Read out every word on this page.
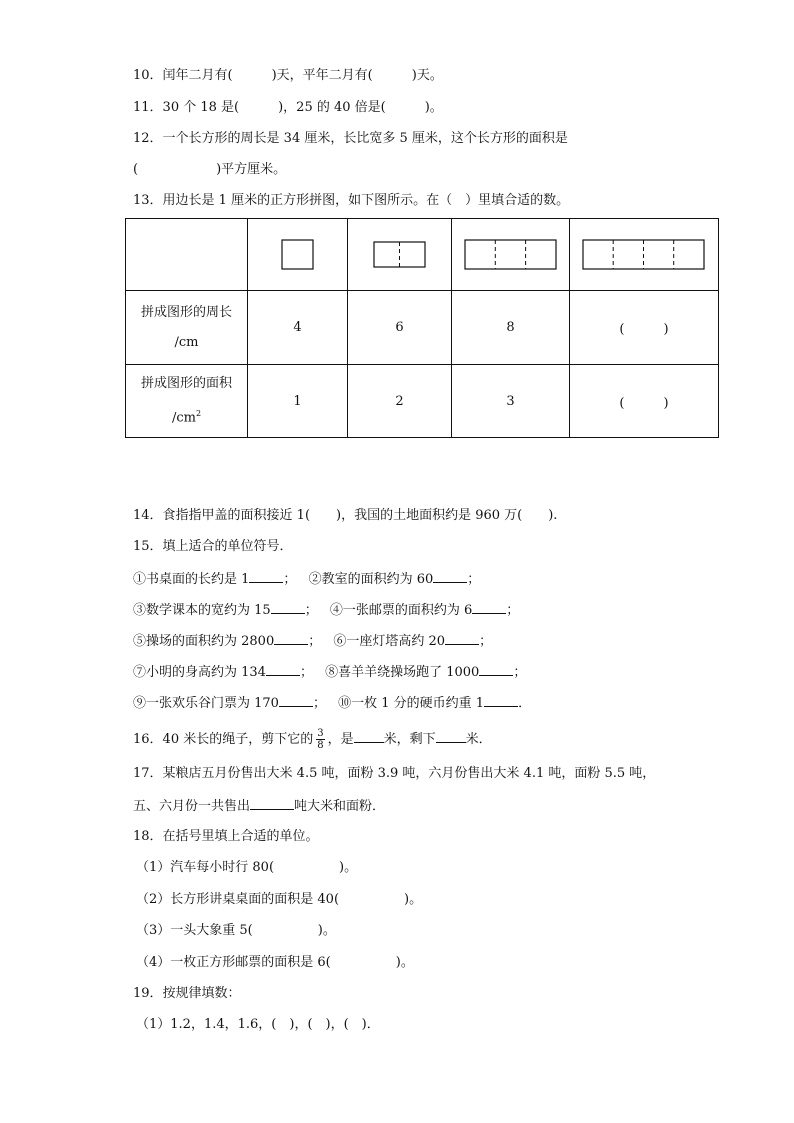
10．闰年二月有(　　　)天，平年二月有(　　　)天。
11．30 个 18 是(　　　)，25 的 40 倍是(　　　)。
12．一个长方形的周长是 34 厘米，长比宽多 5 厘米，这个长方形的面积是
(　　　　　　)平方厘米。
13．用边长是 1 厘米的正方形拼图，如下图所示。在（　）里填合适的数。

拼成图形的周长
/cm	4	6	8	(　　　)

拼成图形的面积
$/cm^2$	1	2	3	(　　　)
14．食指指甲盖的面积接近 1(　　)，我国的土地面积约是 960 万(　　).
15．填上适合的单位符号．
①书桌面的长约是 1	； ②教室的面积约为 60	；
③数学课本的宽约为 15	； ④一张邮票的面积约为 6	；
⑤操场的面积约为 2800	； ⑥一座灯塔高约 20	；
⑦小明的身高约为 134	； ⑧喜羊羊绕操场跑了 1000	；
⑨一张欢乐谷门票为 170	； ⑩一枚 1 分的硬币约重 1	．
16．40 米长的绳子，剪下它的 $\frac{3}{8}$ ，是 米，剩下 米．
17．某粮店五月份售出大米 4.5 吨，面粉 3.9 吨，六月份售出大米 4.1 吨，面粉 5.5 吨，
五、六月份一共售出	吨大米和面粉．
18．在括号里填上合适的单位。
（1）汽车每小时行 80(　　　　　)。
（2）长方形讲桌桌面的面积是 40(　　　　　)。
（3）一头大象重 5(　　　　　)。
（4）一枚正方形邮票的面积是 6(　　　　　)。
19．按规律填数：
（1）1.2，1.4，1.6，(　)，(　)，(　)．
